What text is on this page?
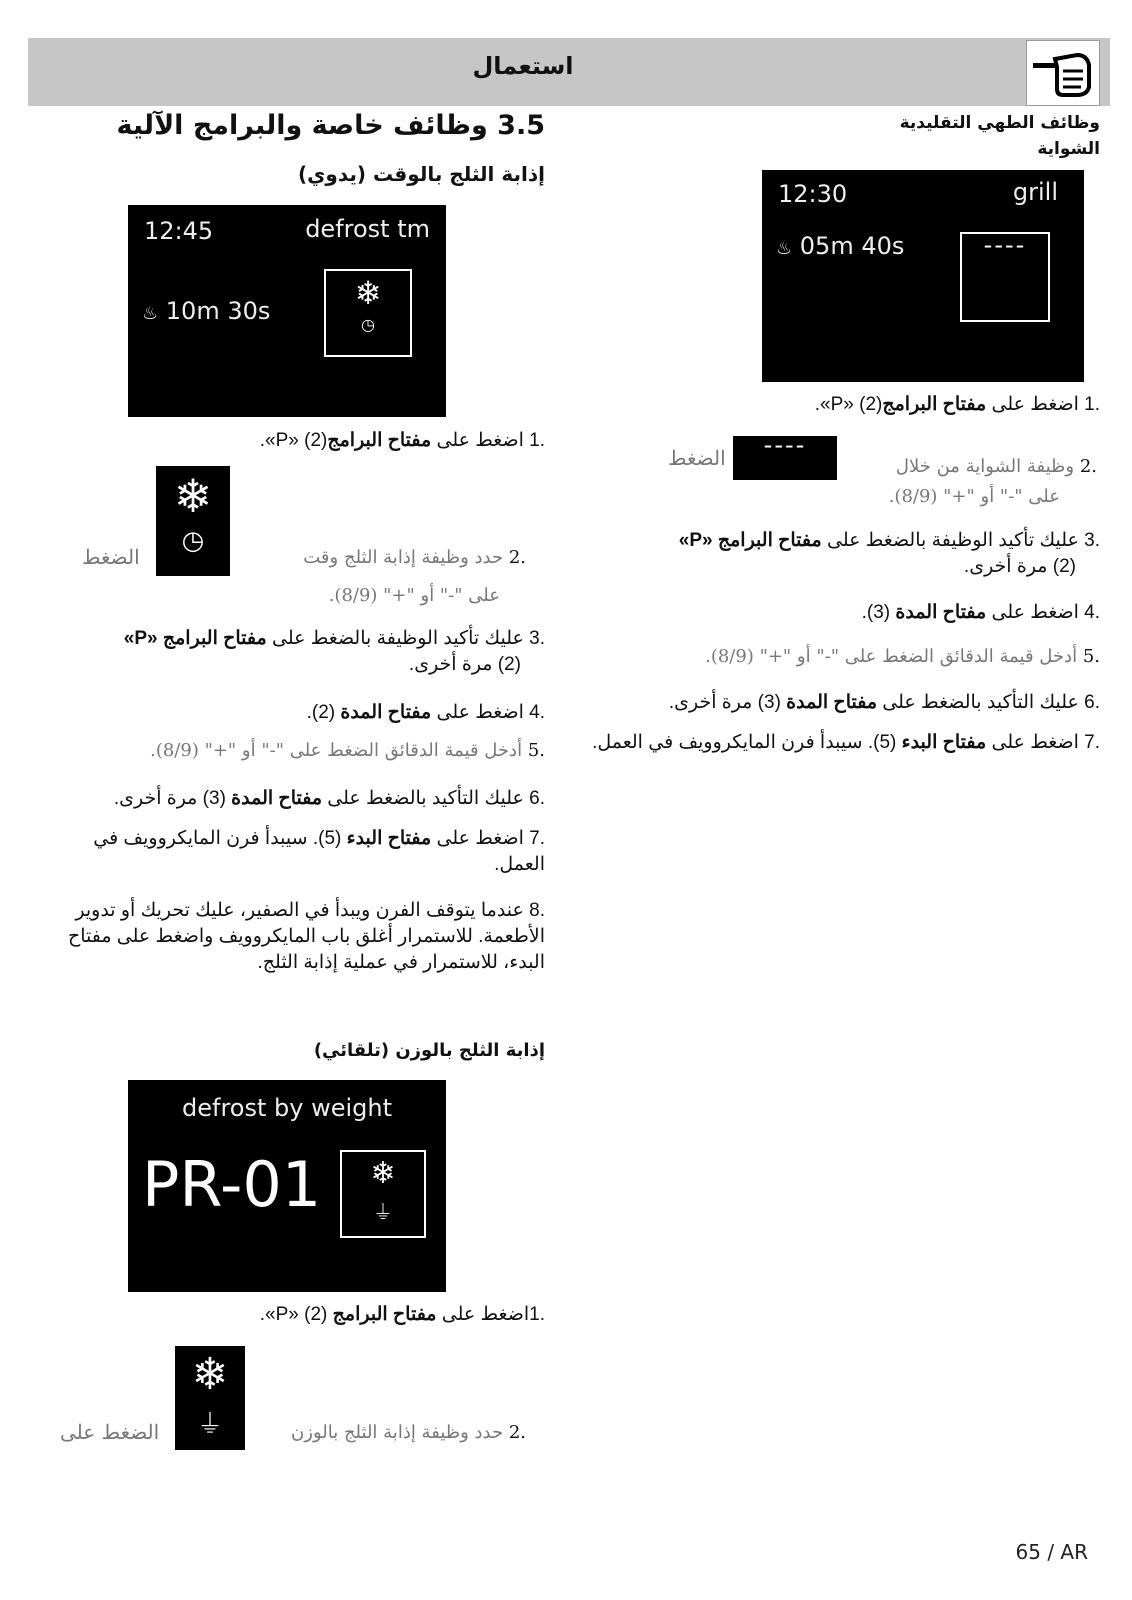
استعمال
3.5 وظائف خاصة والبرامج الآلية
إذابة الثلج بالوقت (يدوي)
12:45	defrost tm
♨ 10m 30s	❄
◷
.1 اضغط على مفتاح البرامج(2) «P».
❄
◷
.2 حدد وظيفة إذابة الثلج وقت
الضغط
على "-" أو "+" (8/9).
.3 عليك تأكيد الوظيفة بالضغط على مفتاح البرامج «P»
(2) مرة أخرى.
.4 اضغط على مفتاح المدة (2).
.5 أدخل قيمة الدقائق الضغط على "-" أو "+" (8/9).
.6 عليك التأكيد بالضغط على مفتاح المدة (3) مرة أخرى.
.7 اضغط على مفتاح البدء (5). سيبدأ فرن المايكروويف في العمل.
.8 عندما يتوقف الفرن ويبدأ في الصفير، عليك تحريك أو تدوير الأطعمة. للاستمرار أغلق باب المايكروويف واضغط على مفتاح البدء، للاستمرار في عملية إذابة الثلج.
إذابة الثلج بالوزن (تلقائي)
defrost by weight
PR-01	❄
⏚
.1اضغط على مفتاح البرامج (2) «P».
❄
⏚	.2 حدد وظيفة إذابة الثلج بالوزن
الضغط على
وظائف الطهي التقليدية
الشواية
12:30	grill
♨ 05m 40s	----
.1 اضغط على مفتاح البرامج(2) «P».
----
.2 وظيفة الشواية من خلال
الضغط
على "-" أو "+" (8/9).
.3 عليك تأكيد الوظيفة بالضغط على مفتاح البرامج «P»
(2) مرة أخرى.
.4 اضغط على مفتاح المدة (3).
.5 أدخل قيمة الدقائق الضغط على "-" أو "+" (8/9).
.6 عليك التأكيد بالضغط على مفتاح المدة (3) مرة أخرى.
.7 اضغط على مفتاح البدء (5). سيبدأ فرن المايكروويف في العمل.
65 / AR
